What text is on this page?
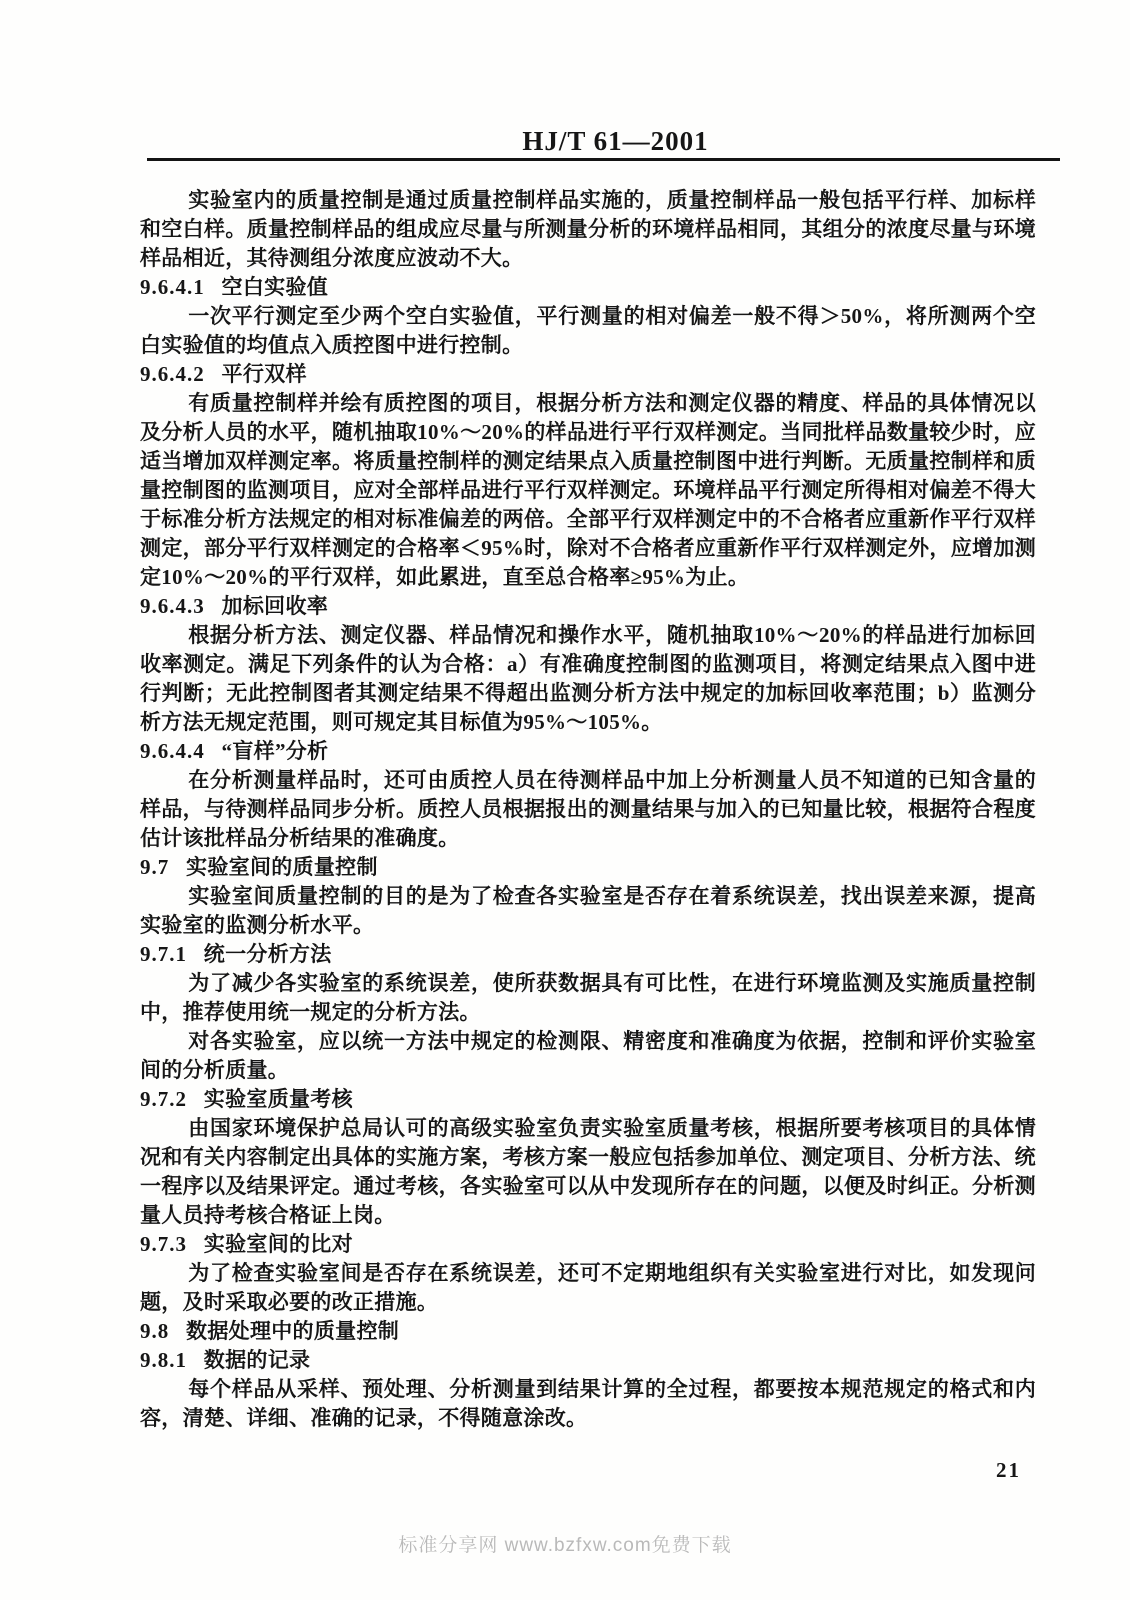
HJ/T 61—2001
实验室内的质量控制是通过质量控制样品实施的，质量控制样品一般包括平行样、加标样和空白样。质量控制样品的组成应尽量与所测量分析的环境样品相同，其组分的浓度尽量与环境样品相近，其待测组分浓度应波动不大。
9.6.4.1 空白实验值
一次平行测定至少两个空白实验值，平行测量的相对偏差一般不得＞50%，将所测两个空白实验值的均值点入质控图中进行控制。
9.6.4.2 平行双样
有质量控制样并绘有质控图的项目，根据分析方法和测定仪器的精度、样品的具体情况以及分析人员的水平，随机抽取10%～20%的样品进行平行双样测定。当同批样品数量较少时，应适当增加双样测定率。将质量控制样的测定结果点入质量控制图中进行判断。无质量控制样和质量控制图的监测项目，应对全部样品进行平行双样测定。环境样品平行测定所得相对偏差不得大于标准分析方法规定的相对标准偏差的两倍。全部平行双样测定中的不合格者应重新作平行双样测定，部分平行双样测定的合格率＜95%时，除对不合格者应重新作平行双样测定外，应增加测定10%～20%的平行双样，如此累进，直至总合格率≥95%为止。
9.6.4.3 加标回收率
根据分析方法、测定仪器、样品情况和操作水平，随机抽取10%～20%的样品进行加标回收率测定。满足下列条件的认为合格：a）有准确度控制图的监测项目，将测定结果点入图中进行判断；无此控制图者其测定结果不得超出监测分析方法中规定的加标回收率范围；b）监测分析方法无规定范围，则可规定其目标值为95%～105%。
9.6.4.4 “盲样”分析
在分析测量样品时，还可由质控人员在待测样品中加上分析测量人员不知道的已知含量的样品，与待测样品同步分析。质控人员根据报出的测量结果与加入的已知量比较，根据符合程度估计该批样品分析结果的准确度。
9.7 实验室间的质量控制
实验室间质量控制的目的是为了检查各实验室是否存在着系统误差，找出误差来源，提高实验室的监测分析水平。
9.7.1 统一分析方法
为了减少各实验室的系统误差，使所获数据具有可比性，在进行环境监测及实施质量控制中，推荐使用统一规定的分析方法。
对各实验室，应以统一方法中规定的检测限、精密度和准确度为依据，控制和评价实验室间的分析质量。
9.7.2 实验室质量考核
由国家环境保护总局认可的高级实验室负责实验室质量考核，根据所要考核项目的具体情况和有关内容制定出具体的实施方案，考核方案一般应包括参加单位、测定项目、分析方法、统一程序以及结果评定。通过考核，各实验室可以从中发现所存在的问题，以便及时纠正。分析测量人员持考核合格证上岗。
9.7.3 实验室间的比对
为了检查实验室间是否存在系统误差，还可不定期地组织有关实验室进行对比，如发现问题，及时采取必要的改正措施。
9.8 数据处理中的质量控制
9.8.1 数据的记录
每个样品从采样、预处理、分析测量到结果计算的全过程，都要按本规范规定的格式和内容，清楚、详细、准确的记录，不得随意涂改。
21
标准分享网 www.bzfxw.com免费下载
